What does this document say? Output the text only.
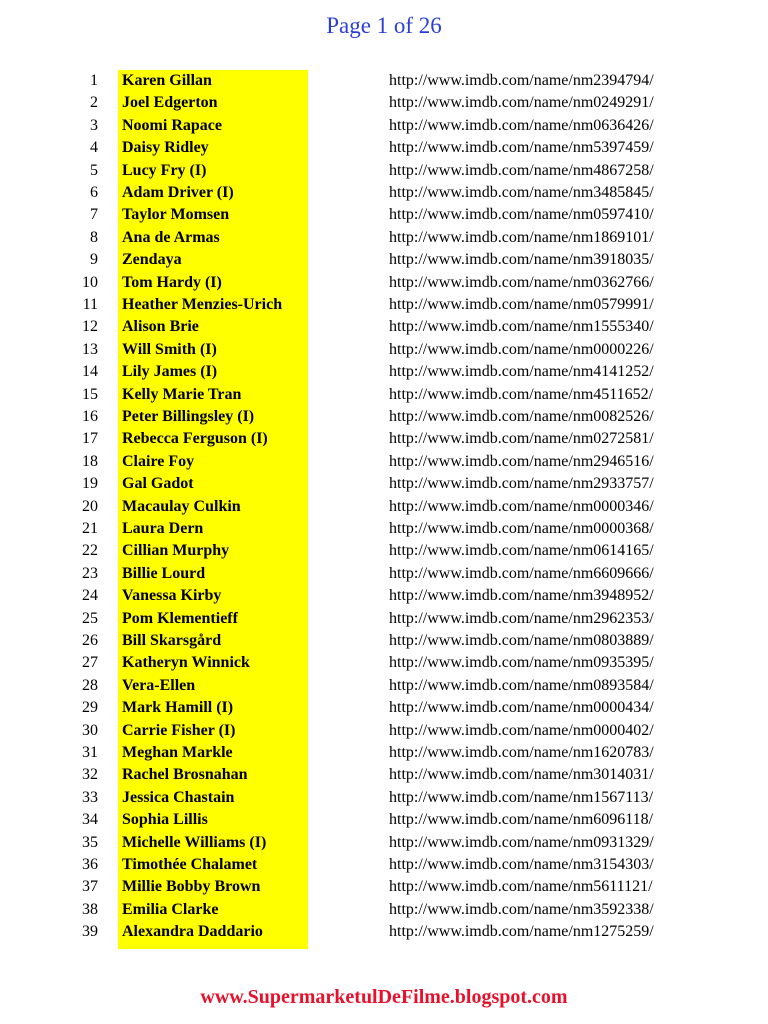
Page 1 of 26
1 Karen Gillan	http://www.imdb.com/name/nm2394794/
2 Joel Edgerton	http://www.imdb.com/name/nm0249291/
3 Noomi Rapace	http://www.imdb.com/name/nm0636426/
4 Daisy Ridley	http://www.imdb.com/name/nm5397459/
5 Lucy Fry (I)	http://www.imdb.com/name/nm4867258/
6 Adam Driver (I)	http://www.imdb.com/name/nm3485845/
7 Taylor Momsen	http://www.imdb.com/name/nm0597410/
8 Ana de Armas	http://www.imdb.com/name/nm1869101/
9 Zendaya	http://www.imdb.com/name/nm3918035/
10 Tom Hardy (I)	http://www.imdb.com/name/nm0362766/
11 Heather Menzies-Urich	http://www.imdb.com/name/nm0579991/
12 Alison Brie	http://www.imdb.com/name/nm1555340/
13 Will Smith (I)	http://www.imdb.com/name/nm0000226/
14 Lily James (I)	http://www.imdb.com/name/nm4141252/
15 Kelly Marie Tran	http://www.imdb.com/name/nm4511652/
16 Peter Billingsley (I)	http://www.imdb.com/name/nm0082526/
17 Rebecca Ferguson (I)	http://www.imdb.com/name/nm0272581/
18 Claire Foy	http://www.imdb.com/name/nm2946516/
19 Gal Gadot	http://www.imdb.com/name/nm2933757/
20 Macaulay Culkin	http://www.imdb.com/name/nm0000346/
21 Laura Dern	http://www.imdb.com/name/nm0000368/
22 Cillian Murphy	http://www.imdb.com/name/nm0614165/
23 Billie Lourd	http://www.imdb.com/name/nm6609666/
24 Vanessa Kirby	http://www.imdb.com/name/nm3948952/
25 Pom Klementieff	http://www.imdb.com/name/nm2962353/
26 Bill Skarsgård	http://www.imdb.com/name/nm0803889/
27 Katheryn Winnick	http://www.imdb.com/name/nm0935395/
28 Vera-Ellen	http://www.imdb.com/name/nm0893584/
29 Mark Hamill (I)	http://www.imdb.com/name/nm0000434/
30 Carrie Fisher (I)	http://www.imdb.com/name/nm0000402/
31 Meghan Markle	http://www.imdb.com/name/nm1620783/
32 Rachel Brosnahan	http://www.imdb.com/name/nm3014031/
33 Jessica Chastain	http://www.imdb.com/name/nm1567113/
34 Sophia Lillis	http://www.imdb.com/name/nm6096118/
35 Michelle Williams (I)	http://www.imdb.com/name/nm0931329/
36 Timothée Chalamet	http://www.imdb.com/name/nm3154303/
37 Millie Bobby Brown	http://www.imdb.com/name/nm5611121/
38 Emilia Clarke	http://www.imdb.com/name/nm3592338/
39 Alexandra Daddario	http://www.imdb.com/name/nm1275259/
www.SupermarketulDeFilme.blogspot.com
